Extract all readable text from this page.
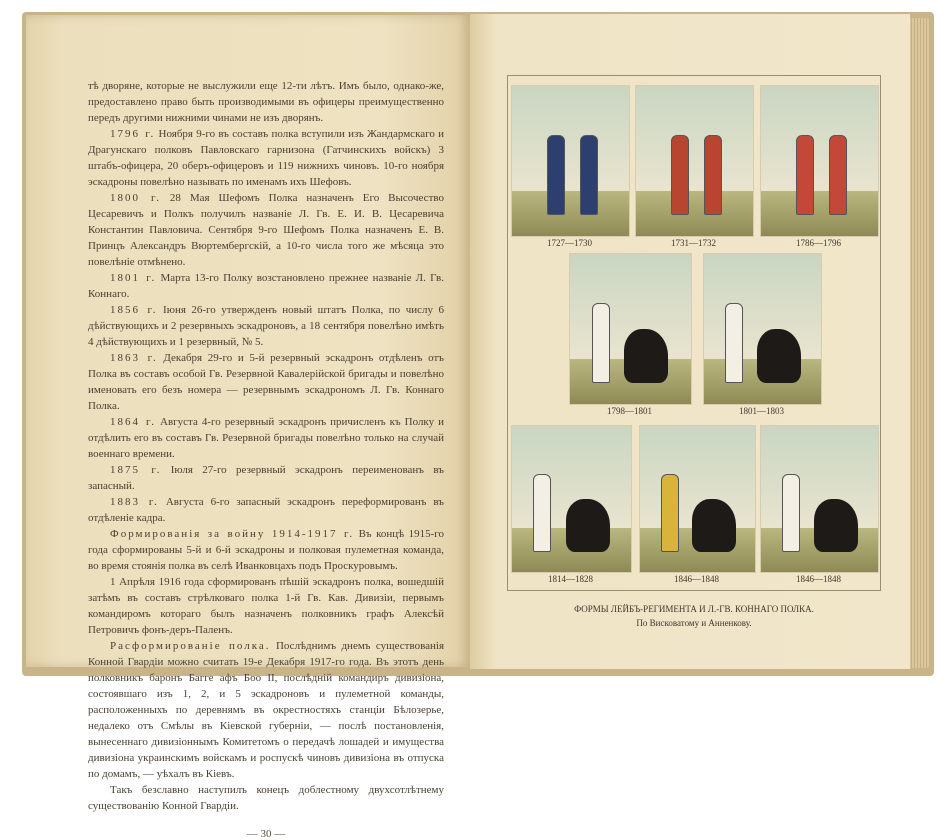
тѣ дворяне, которые не выслужили еще 12-ти лѣтъ. Имъ было, однако-же, предоставлено право быть производимыми въ офицеры преимущественно передъ другими нижними чинами не изъ дворянъ.

1796 г. Ноября 9-го въ составъ полка вступили изъ Жандармскаго и Драгунскаго полковъ Павловскаго гарнизона (Гатчинскихъ войскъ) 3 штабъ-офицера, 20 оберъ-офицеровъ и 119 нижнихъ чиновъ. 10-го ноября эскадроны повелѣно называть по именамъ ихъ Шефовъ.

1800 г. 28 Мая Шефомъ Полка назначенъ Его Высочество Цесаревичъ и Полкъ получилъ названіе Л. Гв. Е. И. В. Цесаревича Константин Павловича. Сентября 9-го Шефомъ Полка назначенъ Е. В. Принцъ Александръ Вюртембергскій, а 10-го числа того же мѣсяца это повелѣніе отмѣнено.

1801 г. Марта 13-го Полку возстановлено прежнее названіе Л. Гв. Коннаго.

1856 г. Іюня 26-го утвержденъ новый штатъ Полка, по числу 6 дѣйствующихъ и 2 резервныхъ эскадроновъ, а 18 сентября повелѣно имѣть 4 дѣйствующихъ и 1 резервный, № 5.

1863 г. Декабря 29-го и 5-й резервный эскадронъ отдѣленъ отъ Полка въ составъ особой Гв. Резервной Кавалерійской бригады и повелѣно именовать его безъ номера — резервнымъ эскадрономъ Л. Гв. Коннаго Полка.

1864 г. Августа 4-го резервный эскадронъ причисленъ къ Полку и отдѣлить его въ составъ Гв. Резервной бригады повелѣно только на случай военнаго времени.

1875 г. Іюля 27-го резервный эскадронъ переименованъ въ запасный.

1883 г. Августа 6-го запасный эскадронъ переформированъ въ отдѣленіе кадра.

Формированія за войну 1914-1917 г. Въ концѣ 1915-го года сформированы 5-й и 6-й эскадроны и полковая пулеметная команда, во время стоянія полка въ селѣ Иванковцахъ подъ Проскуровымъ.

1 Апрѣля 1916 года сформированъ пѣшій эскадронъ полка, вошедшій затѣмъ въ составъ стрѣлковаго полка 1-й Гв. Кав. Дивизіи, первымъ командиромъ котораго былъ назначенъ полковникъ графъ Алексѣй Петровичъ фонъ-деръ-Паленъ.

Расформированіе полка. Послѣднимъ днемъ существованія Конной Гвардіи можно считать 19-е Декабря 1917-го года. Въ этотъ день полковникъ баронъ Багге афъ Боо II, послѣдній командиръ дивизіона, состоявшаго изъ 1, 2, и 5 эскадроновъ и пулеметной команды, расположенныхъ по деревнямъ въ окрестностяхъ станціи Бѣлозерье, недалеко отъ Смѣлы въ Кіевской губерніи, — послѣ постановленія, вынесеннаго дивизіоннымъ Комитетомъ о передачѣ лошадей и имущества дивизіона украинскимъ войскамъ и роспускѣ чиновъ дивизіона въ отпуска по домамъ, — уѣхалъ въ Кіевъ.

Такъ безславно наступилъ конецъ доблестному двухсотлѣтнему существованію Конной Гвардіи.

— 30 —
1727—1730	1731—1732	1786—1796
1798—1801	1801—1803
1814—1828	1846—1848	1846—1848
ФОРМЫ ЛЕЙБЪ-РЕГИМЕНТА И Л.-ГВ. КОННАГО ПОЛКА.
По Висковатому и Анненкову.
